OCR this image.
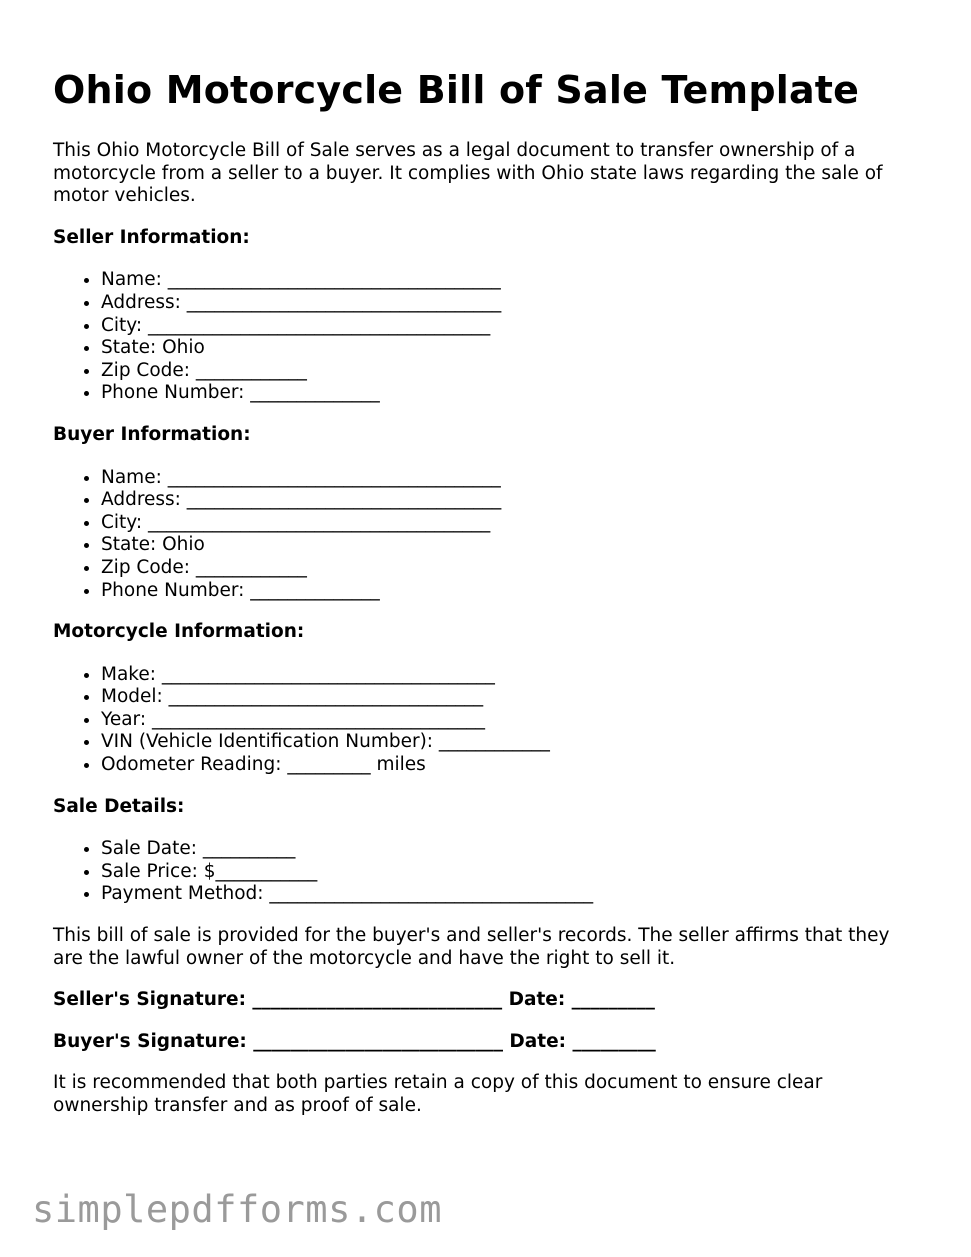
Ohio Motorcycle Bill of Sale Template

This Ohio Motorcycle Bill of Sale serves as a legal document to transfer ownership of a motorcycle from a seller to a buyer. It complies with Ohio state laws regarding the sale of motor vehicles.

Seller Information:
• Name: ____________________________________
• Address: __________________________________
• City: _____________________________________
• State: Ohio
• Zip Code: ____________
• Phone Number: ______________
Buyer Information:
• Name: ____________________________________
• Address: __________________________________
• City: _____________________________________
• State: Ohio
• Zip Code: ____________
• Phone Number: ______________
Motorcycle Information:
• Make: ____________________________________
• Model: __________________________________
• Year: ____________________________________
• VIN (Vehicle Identification Number): ____________
• Odometer Reading: _________ miles
Sale Details:
• Sale Date: __________
• Sale Price: $___________
• Payment Method: ___________________________________

This bill of sale is provided for the buyer's and seller's records. The seller affirms that they are the lawful owner of the motorcycle and have the right to sell it.

Seller's Signature: ___________________________ Date: _________
Buyer's Signature: ___________________________ Date: _________

It is recommended that both parties retain a copy of this document to ensure clear ownership transfer and as proof of sale.

simplepdfforms.com
